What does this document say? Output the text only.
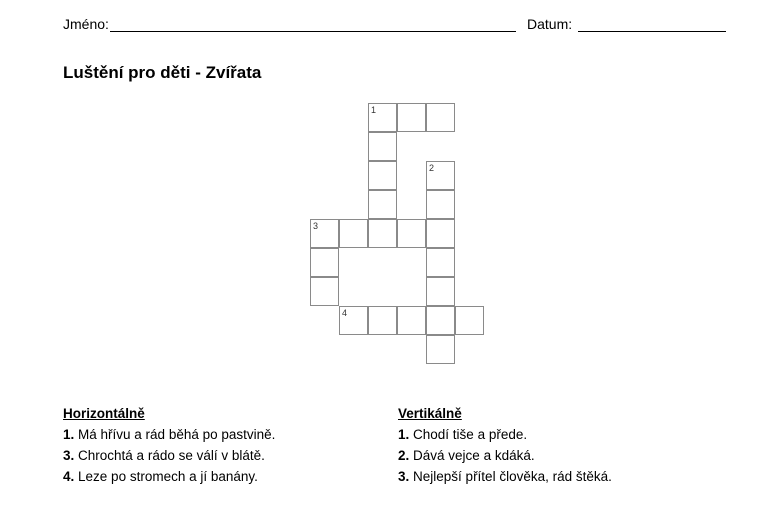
Jméno:	Datum:
Luštění pro děti - Zvířata
1
2
3
4
Horizontálně
1. Má hřívu a rád běhá po pastvině.
3. Chrochtá a rádo se válí v blátě.
4. Leze po stromech a jí banány.
Vertikálně
1. Chodí tiše a přede.
2. Dává vejce a kdáká.
3. Nejlepší přítel člověka, rád štěká.
